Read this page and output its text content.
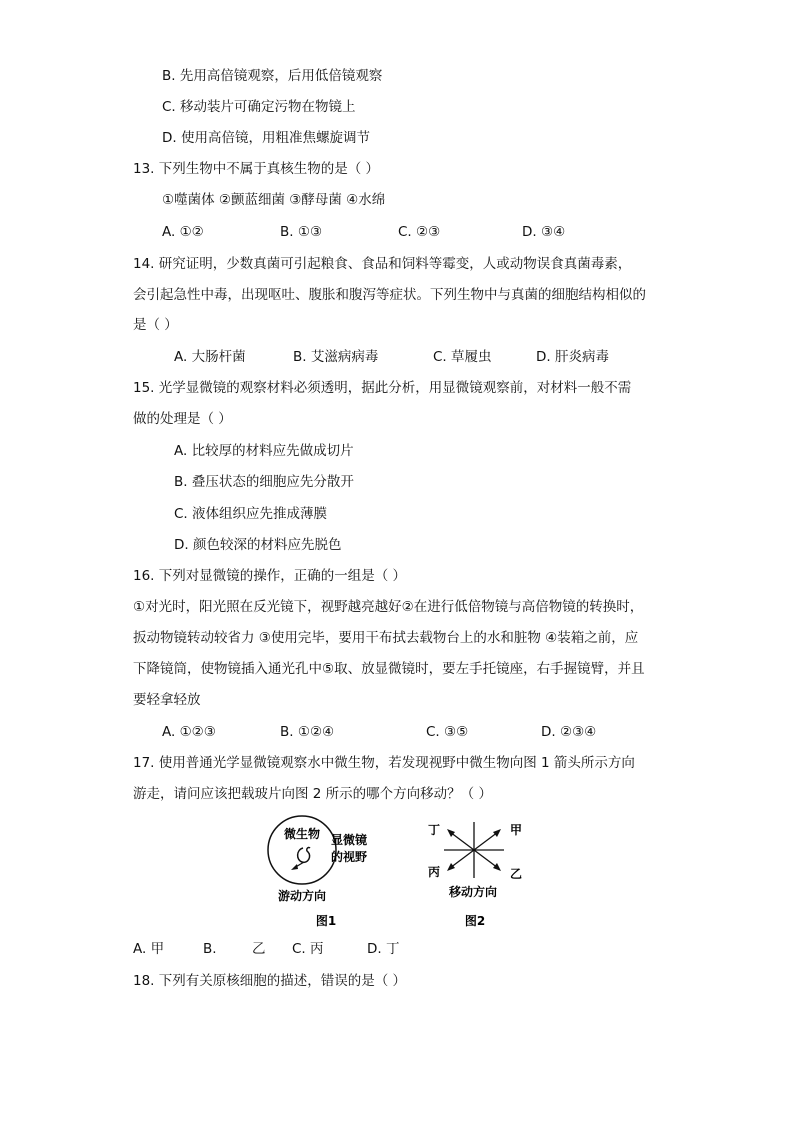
B. 先用高倍镜观察，后用低倍镜观察
C. 移动装片可确定污物在物镜上
D. 使用高倍镜，用粗准焦螺旋调节
13. 下列生物中不属于真核生物的是（ ）
①噬菌体 ②颤蓝细菌 ③酵母菌 ④水绵
A. ①②	B. ①③	C. ②③	D. ③④
14. 研究证明，少数真菌可引起粮食、食品和饲料等霉变，人或动物误食真菌毒素，
会引起急性中毒，出现呕吐、腹胀和腹泻等症状。下列生物中与真菌的细胞结构相似的
是（ ）
A. 大肠杆菌	B. 艾滋病病毒	C. 草履虫	D. 肝炎病毒
15. 光学显微镜的观察材料必须透明，据此分析，用显微镜观察前，对材料一般不需
做的处理是（ ）
A. 比较厚的材料应先做成切片
B. 叠压状态的细胞应先分散开
C. 液体组织应先推成薄膜
D. 颜色较深的材料应先脱色
16. 下列对显微镜的操作，正确的一组是（ ）
①对光时，阳光照在反光镜下，视野越亮越好②在进行低倍物镜与高倍物镜的转换时，
扳动物镜转动较省力 ③使用完毕，要用干布拭去载物台上的水和脏物 ④装箱之前，应
下降镜筒，使物镜插入通光孔中⑤取、放显微镜时，要左手托镜座，右手握镜臂，并且
要轻拿轻放
A. ①②③	B. ①②④	C. ③⑤	D. ②③④
17. 使用普通光学显微镜观察水中微生物，若发现视野中微生物向图 1 箭头所示方向
游走，请问应该把载玻片向图 2 所示的哪个方向移动？（ ）
微生物 显微镜
的视野
游动方向
图1
丁	甲
丙	乙
移动方向
图2
A. 甲	B.	乙 C. 丙	D. 丁
18. 下列有关原核细胞的描述，错误的是（ ）
